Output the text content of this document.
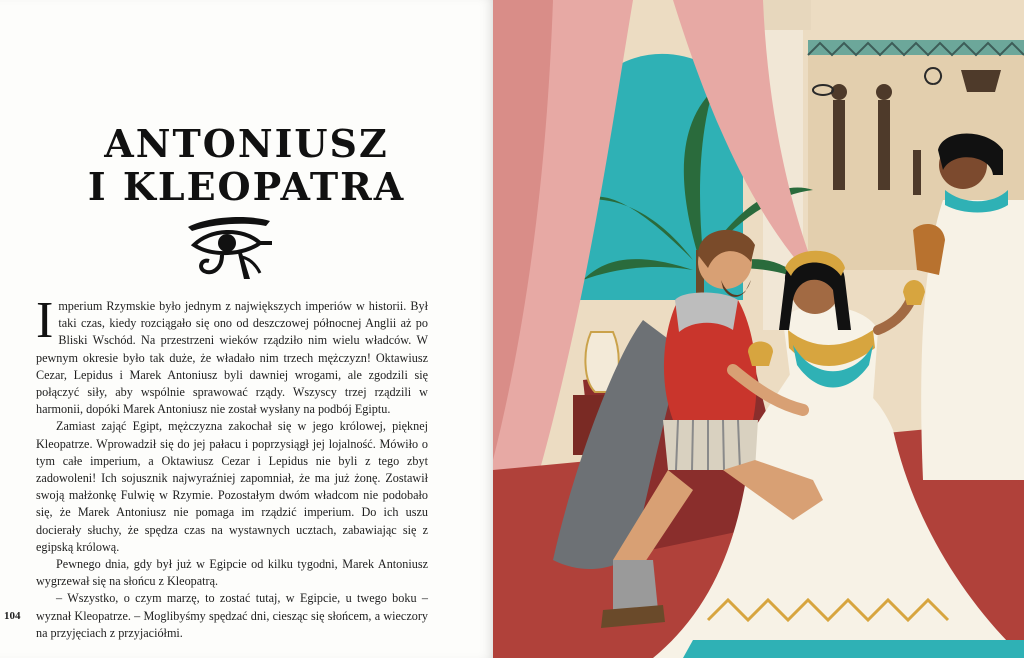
ANTONIUSZ
I KLEOPATRA

Imperium Rzymskie było jednym z największych imperiów w historii. Był taki czas, kiedy rozciągało się ono od deszczowej północnej Anglii aż po Bliski Wschód. Na przestrzeni wieków rządziło nim wielu władców. W pewnym okresie było tak duże, że władało nim trzech mężczyzn! Oktawiusz Cezar, Lepidus i Marek Antoniusz byli dawniej wrogami, ale zgodzili się połączyć siły, aby wspólnie sprawować rządy. Wszyscy trzej rządzili w harmonii, dopóki Marek Antoniusz nie został wysłany na podbój Egiptu.

Zamiast zająć Egipt, mężczyzna zakochał się w jego królowej, pięknej Kleopatrze. Wprowadził się do jej pałacu i poprzysiągł jej lojalność. Mówiło o tym całe imperium, a Oktawiusz Cezar i Lepidus nie byli z tego zbyt zadowoleni! Ich sojusznik najwyraźniej zapomniał, że ma już żonę. Zostawił swoją małżonkę Fulwię w Rzymie. Pozostałym dwóm władcom nie podobało się, że Marek Antoniusz nie pomaga im rządzić imperium. Do ich uszu docierały słuchy, że spędza czas na wystawnych ucztach, zabawiając się z egipską królową.

Pewnego dnia, gdy był już w Egipcie od kilku tygodni, Marek Antoniusz wygrzewał się na słońcu z Kleopatrą.

– Wszystko, o czym marzę, to zostać tutaj, w Egipcie, u twego boku – wyznał Kleopatrze. – Moglibyśmy spędzać dni, ciesząc się słońcem, a wieczory na przyjęciach z przyjaciółmi.

104
